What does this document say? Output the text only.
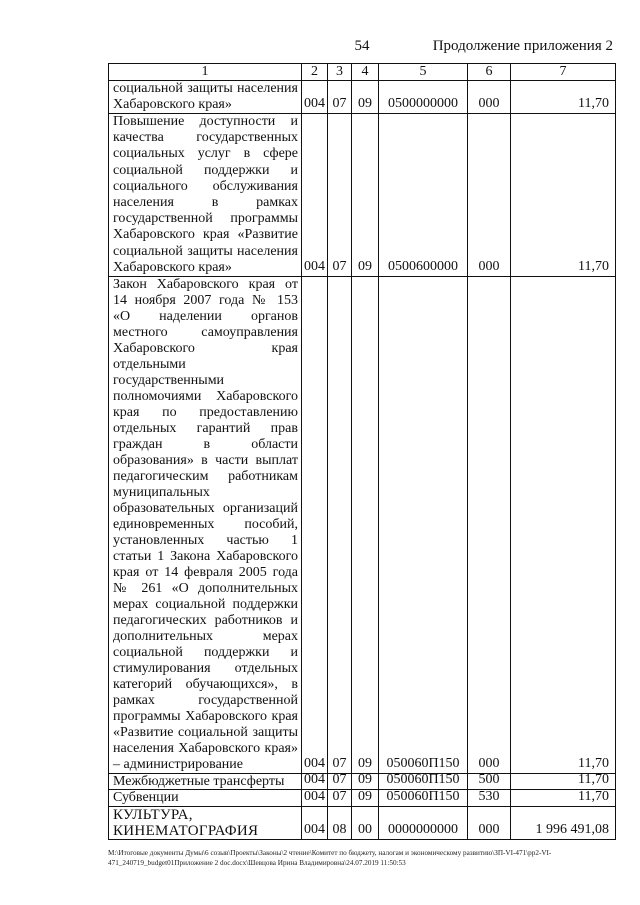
54	Продолжение приложения 2
1	2	3	4	5	6	7
социальной защиты населения
Хабаровского края»	004 07 09	0500000000	000	11,70
Повышение доступности и
качества государственных
социальных услуг в сфере
социальной поддержки и
социального обслуживания
населения в рамках
государственной программы
Хабаровского края «Развитие
социальной защиты населения
Хабаровского края»	004 07 09	0500600000	000	11,70
Закон Хабаровского края от
14 ноября 2007 года № 153
«О наделении органов
местного самоуправления
Хабаровского края
отдельными
государственными
полномочиями Хабаровского
края по предоставлению
отдельных гарантий прав
граждан в области
образования» в части выплат
педагогическим работникам
муниципальных
образовательных организаций
единовременных пособий,
установленных частью 1
статьи 1 Закона Хабаровского
края от 14 февраля 2005 года
№ 261 «О дополнительных
мерах социальной поддержки
педагогических работников и
дополнительных мерах
социальной поддержки и
стимулирования отдельных
категорий обучающихся», в
рамках государственной
программы Хабаровского края
«Развитие социальной защиты
населения Хабаровского края»
– администрирование	004 07 09	050060П150	000	11,70
Межбюджетные трансферты	004 07 09	050060П150	500	11,70
Субвенции	004 07 09	050060П150	530	11,70
КУЛЬТУРА,
КИНЕМАТОГРАФИЯ	004 08 00	0000000000	000	1 996 491,08
M:\Итоговые документы Думы\6 созыв\Проекты\Законы\2 чтение\Комитет по бюджету, налогам и экономическому развитию\ЗП-VI-471\рр2-VI-
471_240719_budget01Приложение 2 doc.docx\Шевцова Ирина Владимировна\24.07.2019 11:50:53
